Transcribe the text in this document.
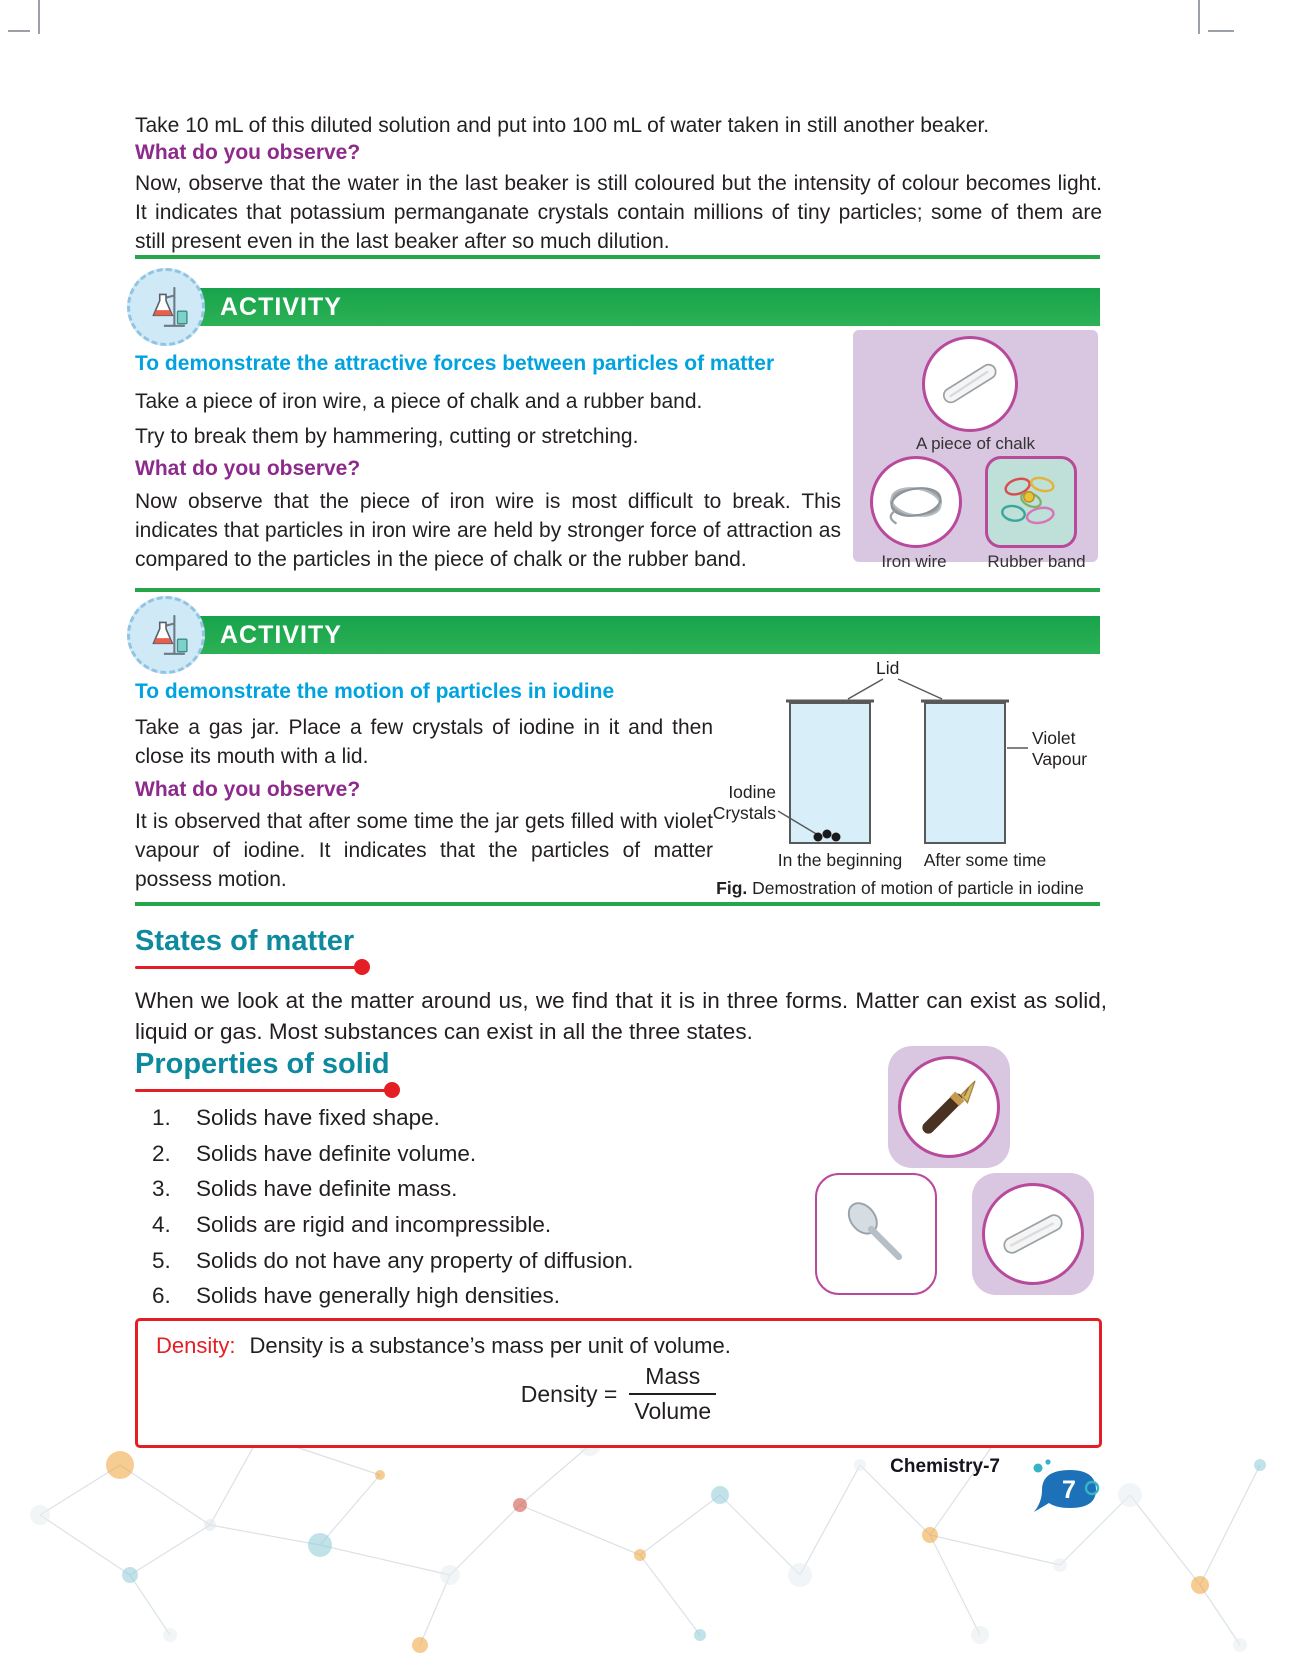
Take 10 mL of this diluted solution and put into 100 mL of water taken in still another beaker.
What do you observe?
Now, observe that the water in the last beaker is still coloured but the intensity of colour becomes light. It indicates that potassium permanganate crystals contain millions of tiny particles; some of them are still present even in the last beaker after so much dilution.
ACTIVITY
To demonstrate the attractive forces between particles of matter
Take a piece of iron wire, a piece of chalk and a rubber band.
Try to break them by hammering, cutting or stretching.
What do you observe?
Now observe that the piece of iron wire is most difficult to break. This indicates that particles in iron wire are held by stronger force of attraction as compared to the particles in the piece of chalk or the rubber band.
A piece of chalk
Iron wire	Rubber band
ACTIVITY
To demonstrate the motion of particles in iodine
Take a gas jar. Place a few crystals of iodine in it and then close its mouth with a lid.
What do you observe?
It is observed that after some time the jar gets filled with violet vapour of iodine. It indicates that the particles of matter possess motion.
Lid
Violet Vapour
Iodine Crystals
In the beginning	After some time
Fig. Demostration of motion of particle in iodine
States of matter
When we look at the matter around us, we find that it is in three forms. Matter can exist as solid, liquid or gas. Most substances can exist in all the three states.
Properties of solid
1.	Solids have fixed shape.
2.	Solids have definite volume.
3.	Solids have definite mass.
4.	Solids are rigid and incompressible.
5.	Solids do not have any property of diffusion.
6.	Solids have generally high densities.
Density: Density is a substance’s mass per unit of volume.
Density = $\frac{\text{Mass}}{\text{Volume}}$
Chemistry-7
7
